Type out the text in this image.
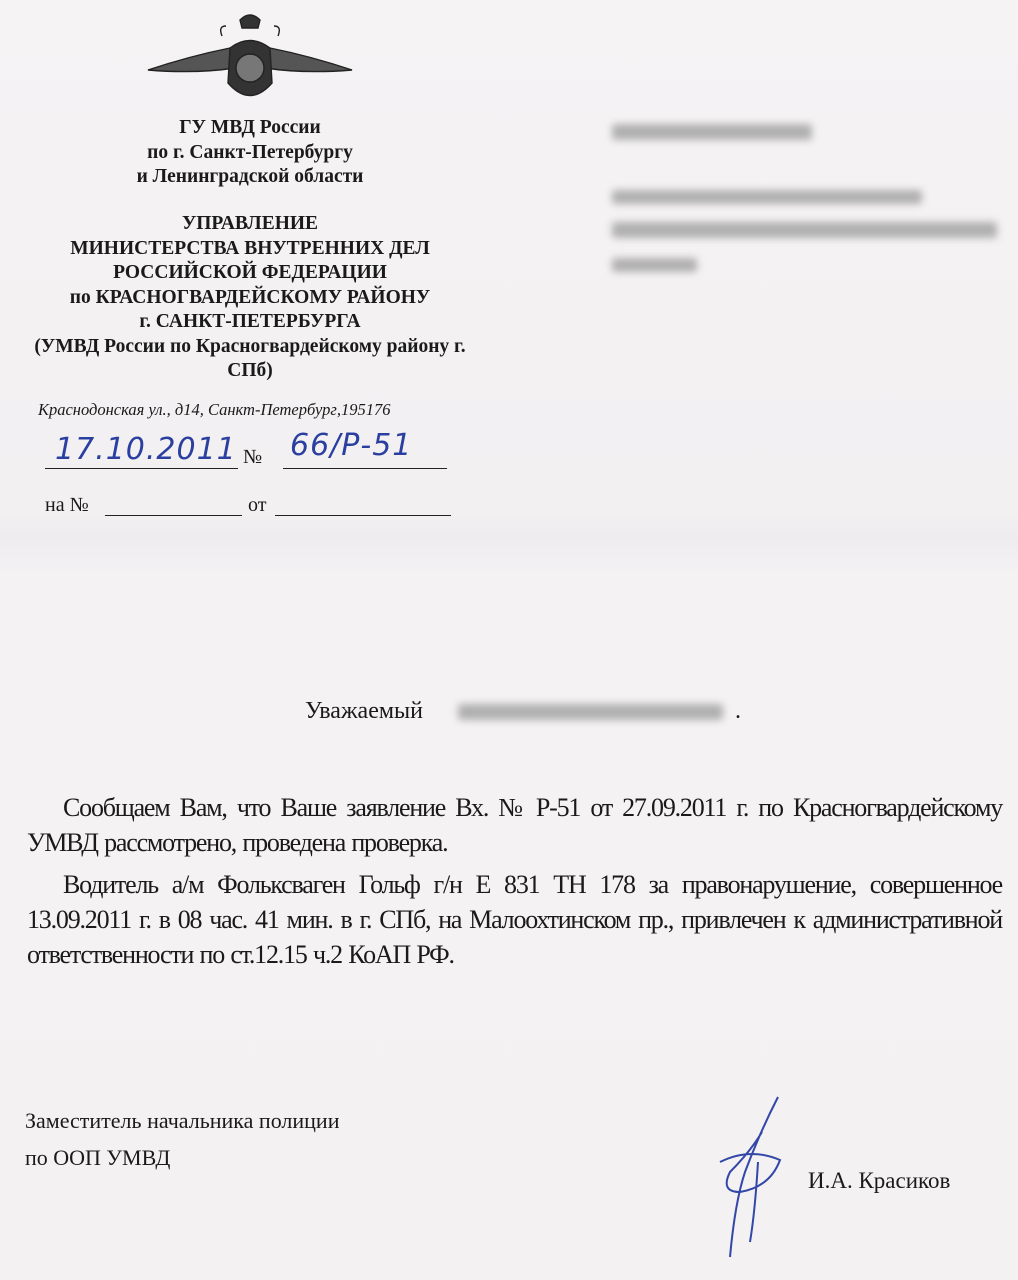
ГУ МВД России
по г. Санкт-Петербургу
и Ленинградской области
УПРАВЛЕНИЕ
МИНИСТЕРСТВА ВНУТРЕННИХ ДЕЛ
РОССИЙСКОЙ ФЕДЕРАЦИИ
по КРАСНОГВАРДЕЙСКОМУ РАЙОНУ
г. САНКТ-ПЕТЕРБУРГА
(УМВД России по Красногвардейскому району г.
СПб)
Краснодонская ул., д14, Санкт-Петербург,195176
17.10.2011 № 66/Р-51
на №	от
Уважаемый	.

Сообщаем Вам, что Ваше заявление Вх. № Р-51 от 27.09.2011 г. по Красногвардейскому УМВД рассмотрено, проведена проверка.

Водитель а/м Фольксваген Гольф г/н Е 831 ТН 178 за правонарушение, совершенное 13.09.2011 г. в 08 час. 41 мин. в г. СПб, на Малоохтинском пр., привлечен к административной ответственности по ст.12.15 ч.2 КоАП РФ.

Заместитель начальника полиции
по ООП УМВД
И.А. Красиков
